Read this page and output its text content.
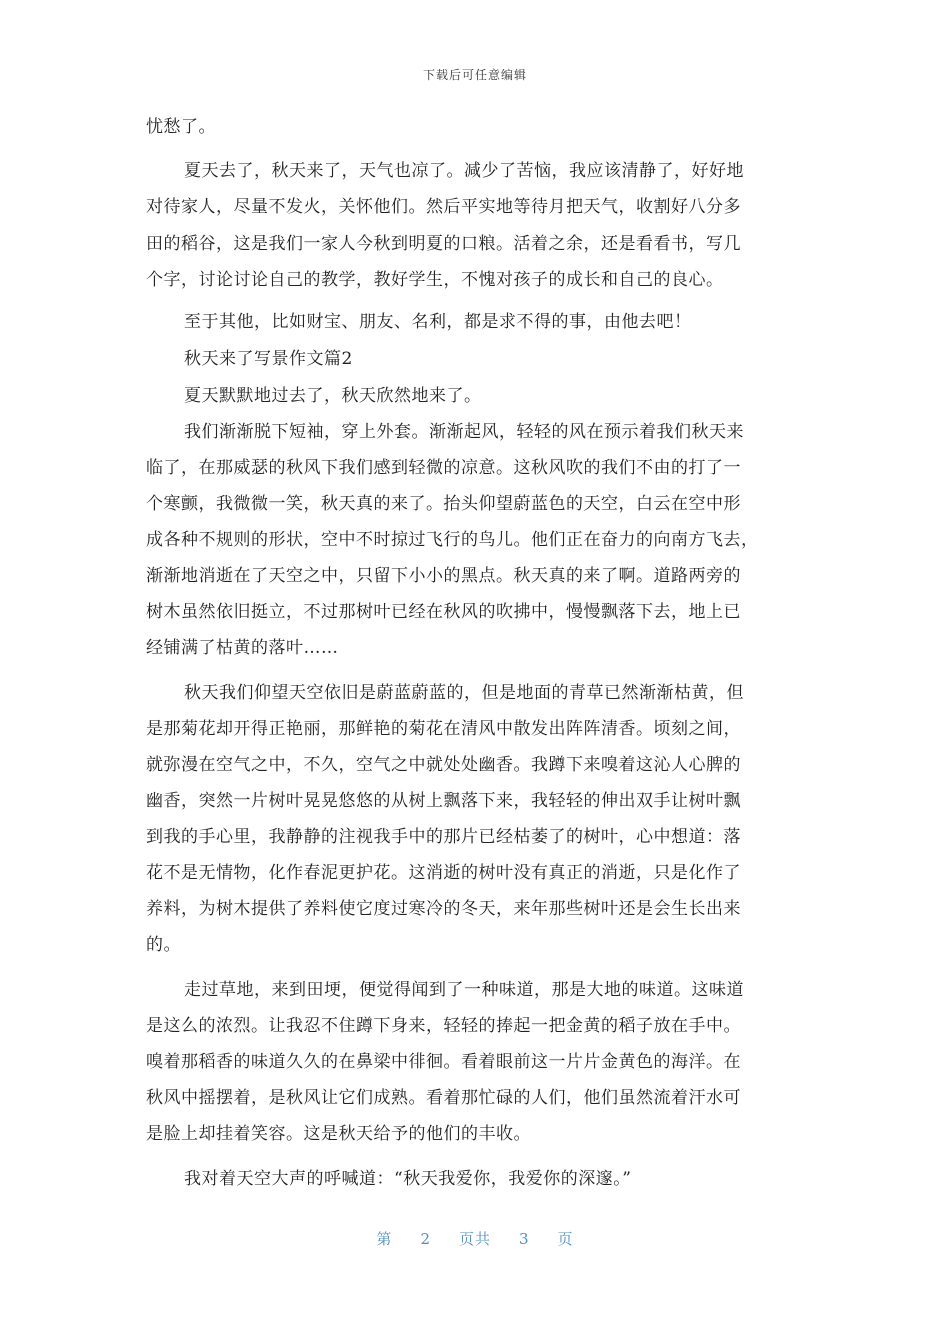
下载后可任意编辑
忧愁了。
夏天去了，秋天来了，天气也凉了。减少了苦恼，我应该清静了，好好地
对待家人，尽量不发火，关怀他们。然后平实地等待月把天气，收割好八分多
田的稻谷，这是我们一家人今秋到明夏的口粮。活着之余，还是看看书，写几
个字，讨论讨论自己的教学，教好学生，不愧对孩子的成长和自己的良心。
至于其他，比如财宝、朋友、名利，都是求不得的事，由他去吧！
秋天来了写景作文篇2
夏天默默地过去了，秋天欣然地来了。
我们渐渐脱下短袖，穿上外套。渐渐起风，轻轻的风在预示着我们秋天来
临了，在那威瑟的秋风下我们感到轻微的凉意。这秋风吹的我们不由的打了一
个寒颤，我微微一笑，秋天真的来了。抬头仰望蔚蓝色的天空，白云在空中形
成各种不规则的形状，空中不时掠过飞行的鸟儿。他们正在奋力的向南方飞去，
渐渐地消逝在了天空之中，只留下小小的黑点。秋天真的来了啊。道路两旁的
树木虽然依旧挺立，不过那树叶已经在秋风的吹拂中，慢慢飘落下去，地上已
经铺满了枯黄的落叶……
秋天我们仰望天空依旧是蔚蓝蔚蓝的，但是地面的青草已然渐渐枯黄，但
是那菊花却开得正艳丽，那鲜艳的菊花在清风中散发出阵阵清香。顷刻之间，
就弥漫在空气之中，不久，空气之中就处处幽香。我蹲下来嗅着这沁人心脾的
幽香，突然一片树叶晃晃悠悠的从树上飘落下来，我轻轻的伸出双手让树叶飘
到我的手心里，我静静的注视我手中的那片已经枯萎了的树叶，心中想道：落
花不是无情物，化作春泥更护花。这消逝的树叶没有真正的消逝，只是化作了
养料，为树木提供了养料使它度过寒冷的冬天，来年那些树叶还是会生长出来
的。
走过草地，来到田埂，便觉得闻到了一种味道，那是大地的味道。这味道
是这么的浓烈。让我忍不住蹲下身来，轻轻的捧起一把金黄的稻子放在手中。
嗅着那稻香的味道久久的在鼻梁中徘徊。看着眼前这一片片金黄色的海洋。在
秋风中摇摆着，是秋风让它们成熟。看着那忙碌的人们，他们虽然流着汗水可
是脸上却挂着笑容。这是秋天给予的他们的丰收。
我对着天空大声的呼喊道：“秋天我爱你，我爱你的深邃。”
第 2 页共 3 页
